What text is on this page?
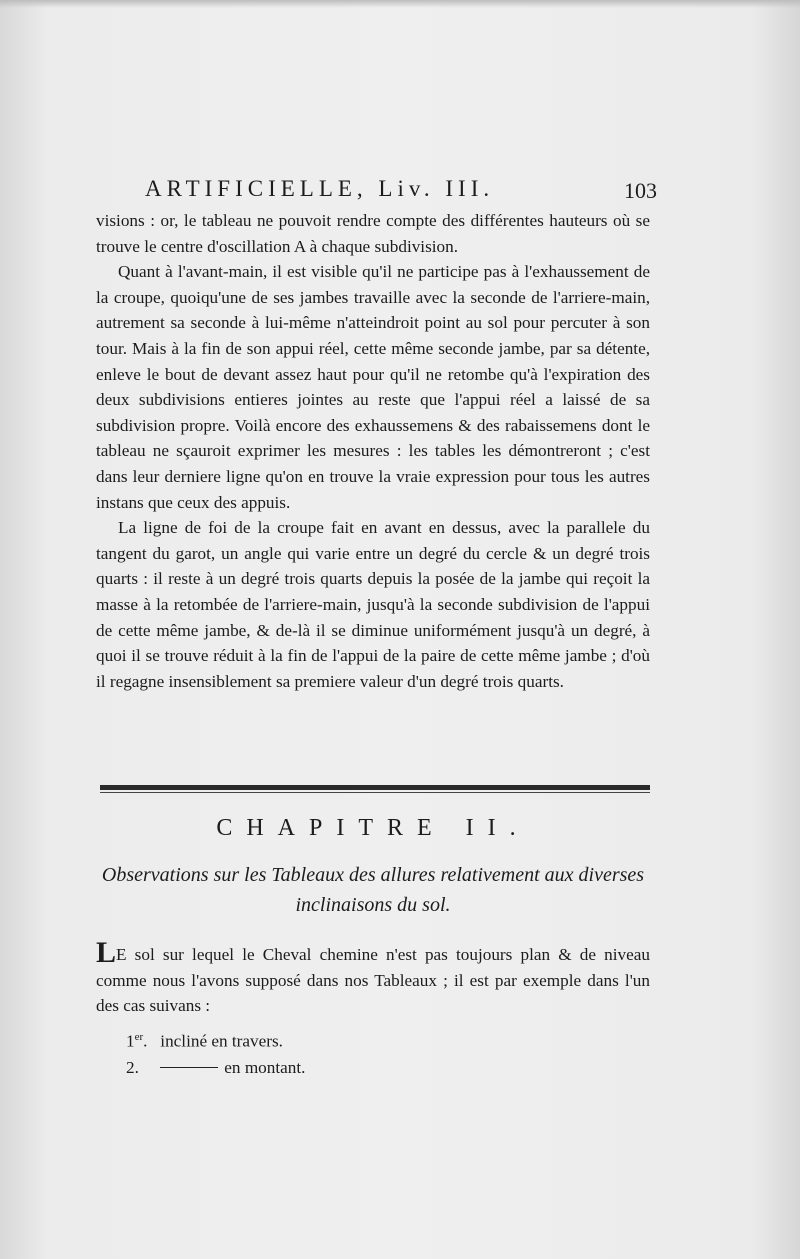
ARTIFICIELLE, Liv. III.	103

visions : or, le tableau ne pouvoit rendre compte des différentes hauteurs où se trouve le centre d'oscillation A à chaque subdivision.

Quant à l'avant-main, il est visible qu'il ne participe pas à l'exhaussement de la croupe, quoiqu'une de ses jambes travaille avec la seconde de l'arriere-main, autrement sa seconde à lui-même n'atteindroit point au sol pour percuter à son tour. Mais à la fin de son appui réel, cette même seconde jambe, par sa détente, enleve le bout de devant assez haut pour qu'il ne retombe qu'à l'expiration des deux subdivisions entieres jointes au reste que l'appui réel a laissé de sa subdivision propre. Voilà encore des exhaussemens & des rabaissemens dont le tableau ne sçauroit exprimer les mesures : les tables les démontreront ; c'est dans leur derniere ligne qu'on en trouve la vraie expression pour tous les autres instans que ceux des appuis.

La ligne de foi de la croupe fait en avant en dessus, avec la parallele du tangent du garot, un angle qui varie entre un degré du cercle & un degré trois quarts : il reste à un degré trois quarts depuis la posée de la jambe qui reçoit la masse à la retombée de l'arriere-main, jusqu'à la seconde subdivision de l'appui de cette même jambe, & de-là il se diminue uniformément jusqu'à un degré, à quoi il se trouve réduit à la fin de l'appui de la paire de cette même jambe ; d'où il regagne insensiblement sa premiere valeur d'un degré trois quarts.

CHAPITRE II.
Observations sur les Tableaux des allures relativement aux diverses inclinaisons du sol.
LE sol sur lequel le Cheval chemine n'est pas toujours plan & de niveau comme nous l'avons supposé dans nos Tableaux ; il est par exemple dans l'un des cas suivans :
1er. incliné en travers.
2.	en montant.
